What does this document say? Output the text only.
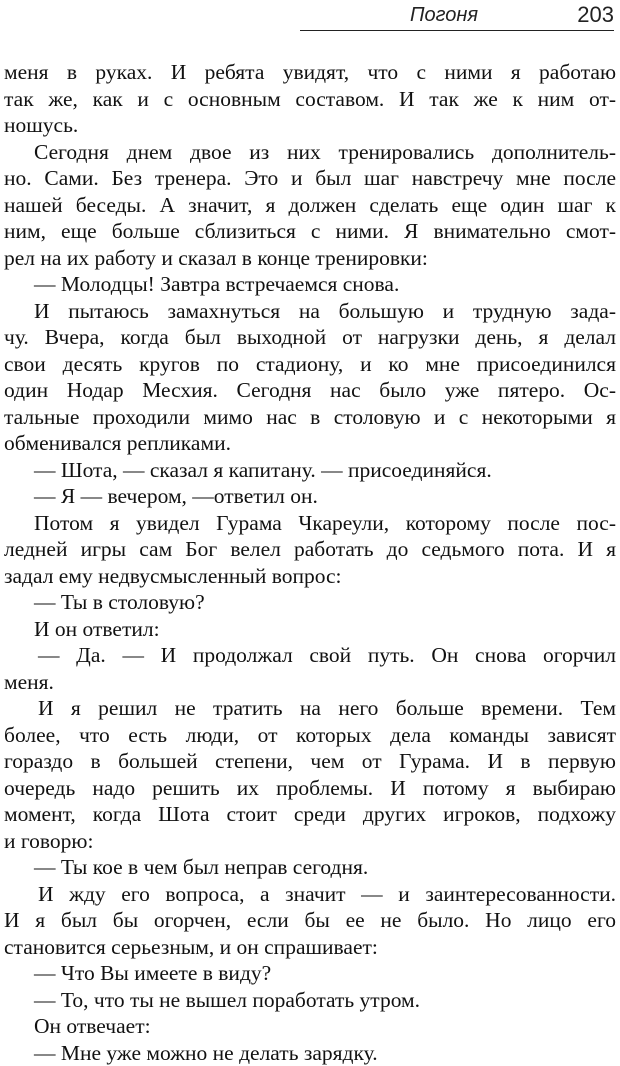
Погоня	203
меня в руках. И ребята увидят, что с ними я работаю
так же, как и с основным составом. И так же к ним от-
ношусь.
Сегодня днем двое из них тренировались дополнитель-
но. Сами. Без тренера. Это и был шаг навстречу мне после
нашей беседы. А значит, я должен сделать еще один шаг к
ним, еще больше сблизиться с ними. Я внимательно смот-
рел на их работу и сказал в конце тренировки:
— Молодцы! Завтра встречаемся снова.
И пытаюсь замахнуться на большую и трудную зада-
чу. Вчера, когда был выходной от нагрузки день, я делал
свои десять кругов по стадиону, и ко мне присоединился
один Нодар Месхия. Сегодня нас было уже пятеро. Ос-
тальные проходили мимо нас в столовую и с некоторыми я
обменивался репликами.
— Шота, — сказал я капитану. — присоединяйся.
— Я — вечером, —ответил он.
Потом я увидел Гурама Чкареули, которому после пос-
ледней игры сам Бог велел работать до седьмого пота. И я
задал ему недвусмысленный вопрос:
— Ты в столовую?
И он ответил:
— Да. — И продолжал свой путь. Он снова огорчил
меня.
И я решил не тратить на него больше времени. Тем
более, что есть люди, от которых дела команды зависят
гораздо в большей степени, чем от Гурама. И в первую
очередь надо решить их проблемы. И потому я выбираю
момент, когда Шота стоит среди других игроков, подхожу
и говорю:
— Ты кое в чем был неправ сегодня.
И жду его вопроса, а значит — и заинтересованности.
И я был бы огорчен, если бы ее не было. Но лицо его
становится серьезным, и он спрашивает:
— Что Вы имеете в виду?
— То, что ты не вышел поработать утром.
Он отвечает:
— Мне уже можно не делать зарядку.
